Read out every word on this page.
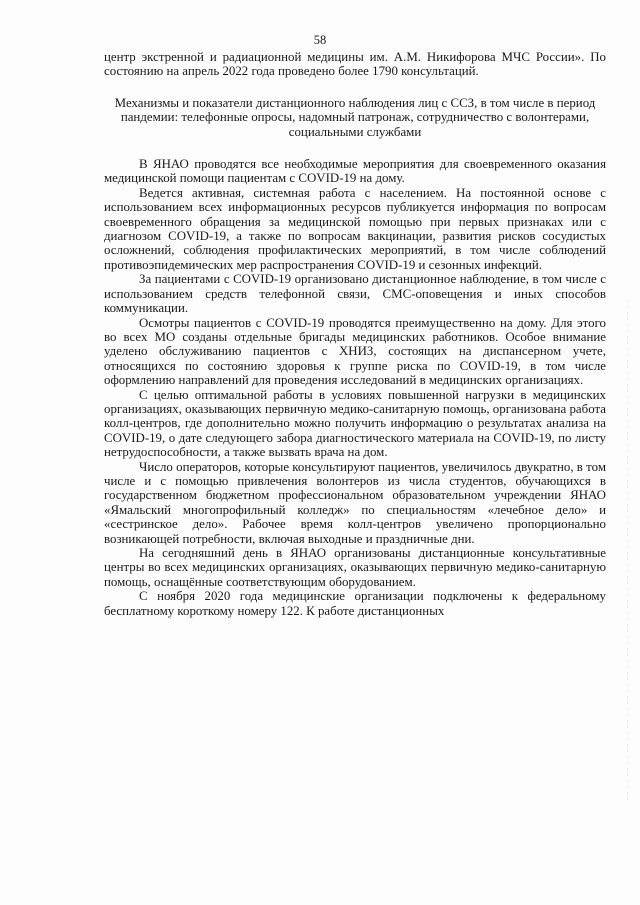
58

центр экстренной и радиационной медицины им. А.М. Никифорова МЧС России». По состоянию на апрель 2022 года проведено более 1790 консультаций.

Механизмы и показатели дистанционного наблюдения лиц с ССЗ, в том числе в период пандемии: телефонные опросы, надомный патронаж, сотрудничество с волонтерами, социальными службами

В ЯНАО проводятся все необходимые мероприятия для своевременного оказания медицинской помощи пациентам с COVID-19 на дому.

Ведется активная, системная работа с населением. На постоянной основе с использованием всех информационных ресурсов публикуется информация по вопросам своевременного обращения за медицинской помощью при первых признаках или с диагнозом COVID-19, а также по вопросам вакцинации, развития рисков сосудистых осложнений, соблюдения профилактических мероприятий, в том числе соблюдений противоэпидемических мер распространения COVID-19 и сезонных инфекций.

За пациентами с COVID-19 организовано дистанционное наблюдение, в том числе с использованием средств телефонной связи, СМС-оповещения и иных способов коммуникации.

Осмотры пациентов с COVID-19 проводятся преимущественно на дому. Для этого во всех МО созданы отдельные бригады медицинских работников. Особое внимание уделено обслуживанию пациентов с ХНИЗ, состоящих на диспансерном учете, относящихся по состоянию здоровья к группе риска по COVID-19, в том числе оформлению направлений для проведения исследований в медицинских организациях.

С целью оптимальной работы в условиях повышенной нагрузки в медицинских организациях, оказывающих первичную медико-санитарную помощь, организована работа колл-центров, где дополнительно можно получить информацию о результатах анализа на COVID-19, о дате следующего забора диагностического материала на COVID-19, по листу нетрудоспособности, а также вызвать врача на дом.

Число операторов, которые консультируют пациентов, увеличилось двукратно, в том числе и с помощью привлечения волонтеров из числа студентов, обучающихся в государственном бюджетном профессиональном образовательном учреждении ЯНАО «Ямальский многопрофильный колледж» по специальностям «лечебное дело» и «сестринское дело». Рабочее время колл-центров увеличено пропорционально возникающей потребности, включая выходные и праздничные дни.

На сегодняшний день в ЯНАО организованы дистанционные консультативные центры во всех медицинских организациях, оказывающих первичную медико-санитарную помощь, оснащённые соответствующим оборудованием.

С ноября 2020 года медицинские организации подключены к федеральному бесплатному короткому номеру 122. К работе дистанционных
